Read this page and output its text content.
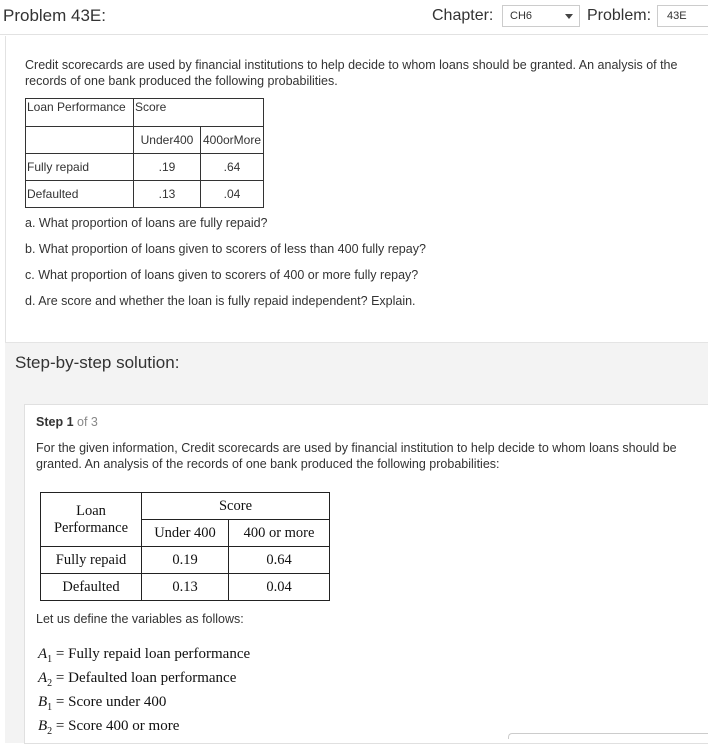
Problem 43E:	Chapter:	CH6	Problem:	43E
Credit scorecards are used by financial institutions to help decide to whom loans should be granted. An analysis of the records of one bank produced the following probabilities.
Loan Performance	Score	
	Under400	400orMore
Fully repaid	.19	.64
Defaulted	.13	.04
a. What proportion of loans are fully repaid?
b. What proportion of loans given to scorers of less than 400 fully repay?
c. What proportion of loans given to scorers of 400 or more fully repay?
d. Are score and whether the loan is fully repaid independent? Explain.
Step-by-step solution:
Step 1 of 3
For the given information, Credit scorecards are used by financial institution to help decide to whom loans should be granted. An analysis of the records of one bank produced the following probabilities:
Loan
Performance	Score	
	Under 400	400 or more
Fully repaid	0.19	0.64
Defaulted	0.13	0.04
Let us define the variables as follows:
$A_1$ = Fully repaid loan performance
$A_2$ = Defaulted loan performance
$B_1$ = Score under 400
$B_2$ = Score 400 or more
